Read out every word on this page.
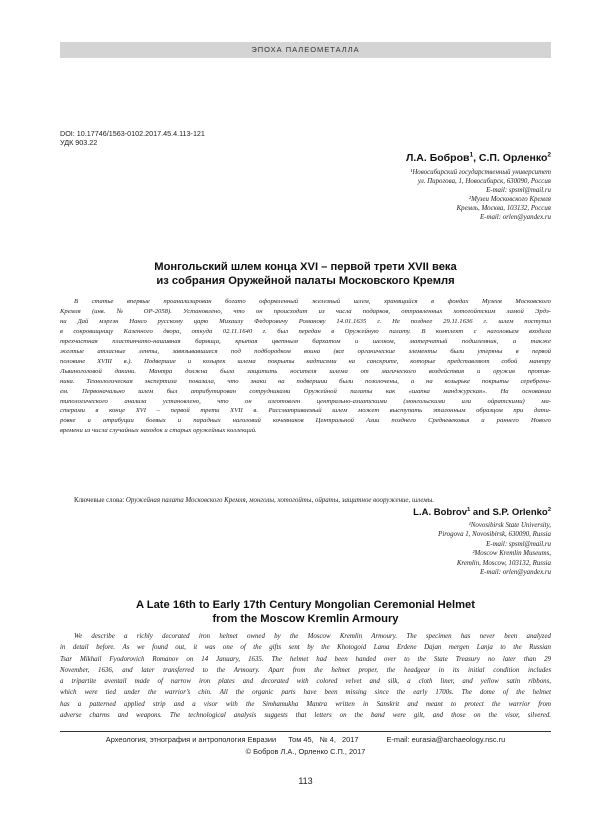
ЭПОХА ПАЛЕОМЕТАЛЛА
DOI: 10.17746/1563-0102.2017.45.4.113-121
УДК 903.22
Л.А. Бобров$^1$, С.П. Орленко$^2$
¹Новосибирский государственный университет
ул. Пирогова, 1, Новосибирск, 630090, Россия
E-mail: spsml@mail.ru
²Музеи Московского Кремля
Кремль, Москва, 103132, Россия
E-mail: orlen@yandex.ru
Монгольский шлем конца XVI – первой трети XVII века
из собрания Оружейной палаты Московского Кремля
В статье впервые проанализирован богато оформленный железный шлем, хранящийся в фондах Музеев Московского
Кремля (инв. № ОР-2058). Установлено, что он происходит из числа подарков, отправленных хотогойтским ламой Эрдэ-
ни Дай мэргэн Нансо русскому царю Михаилу Федоровичу Романову 14.01.1635 г. Не позднее 29.11.1636 г. шлем поступил
в сокровищницу Казенного двора, откуда 02.11.1640 г. был передан в Оружейную палату. В комплект с наголовьем входила
трехчастная пластинчато-нашивная бармица, крытая цветным бархатом и шелком, матерчатый подшлемник, а также
желтые атласные ленты, завязывавшиеся под подбородком воина (все органические элементы были утеряны в первой
половине XVIII в.). Подвершие и козырек шлема покрыты надписями на санскрите, которые представляют собой мантру
Львиноголовой дакини. Мантра должна была защитить носителя шлема от магического воздействия и оружия против-
ника. Технологическая экспертиза показала, что знаки на подвершии были позолочены, а на козырьке покрыты серебрени-
ем. Первоначально шлем был атрибутирован сотрудниками Оружейной палаты как «шапка манджурская». На основании
типологического анализа установлено, что он изготовлен центрально-азиатскими (монгольскими или ойратскими) ма-
стерами в конце XVI – первой трети XVII в. Рассматриваемый шлем может выступать эталонным образцом при дати-
ровке и атрибуции боевых и парадных наголовий кочевников Центральной Азии позднего Средневековья и раннего Нового
времени из числа случайных находок и старых оружейных коллекций.
Ключевые слова: Оружейная палата Московского Кремля, монголы, хотогойты, ойраты, защитное вооружение, шлемы.
L.A. Bobrov$^1$ and S.P. Orlenko$^2$
¹Novosibirsk State University,
Pirogova 1, Novosibirsk, 630090, Russia
E-mail: spsml@mail.ru
²Moscow Kremlin Museums,
Kremlin, Moscow, 103132, Russia
E-mail: orlen@yandex.ru
A Late 16th to Early 17th Century Mongolian Ceremonial Helmet
from the Moscow Kremlin Armoury
We describe a richly decorated iron helmet owned by the Moscow Kremlin Armoury. The specimen has never been analyzed
in detail before. As we found out, it was one of the gifts sent by the Khotogoid Lama Erdene Dajan mergen Lanja to the Russian
Tsar Mikhail Fyodorovich Romanov on 14 January, 1635. The helmet had been handed over to the State Treasury no later than 29
November, 1636, and later transferred to the Armoury. Apart from the helmet proper, the headgear in its initial condition includes
a tripartite aventail made of narrow iron plates and decorated with colored velvet and silk, a cloth liner, and yellow satin ribbons,
which were tied under the warrior’s chin. All the organic parts have been missing since the early 1700s. The dome of the helmet
has a patterned applied strip and a visor with the Simhamukha Mantra written in Sanskrit and meant to protect the warrior from
adverse charms and weapons. The technological analysis suggests that letters on the band were gilt, and those on the visor, silvered.
Археология, этнография и антропология Евразии Том 45, № 4, 2017	E-mail: eurasia@archaeology.nsc.ru
© Бобров Л.А., Орленко С.П., 2017
113
